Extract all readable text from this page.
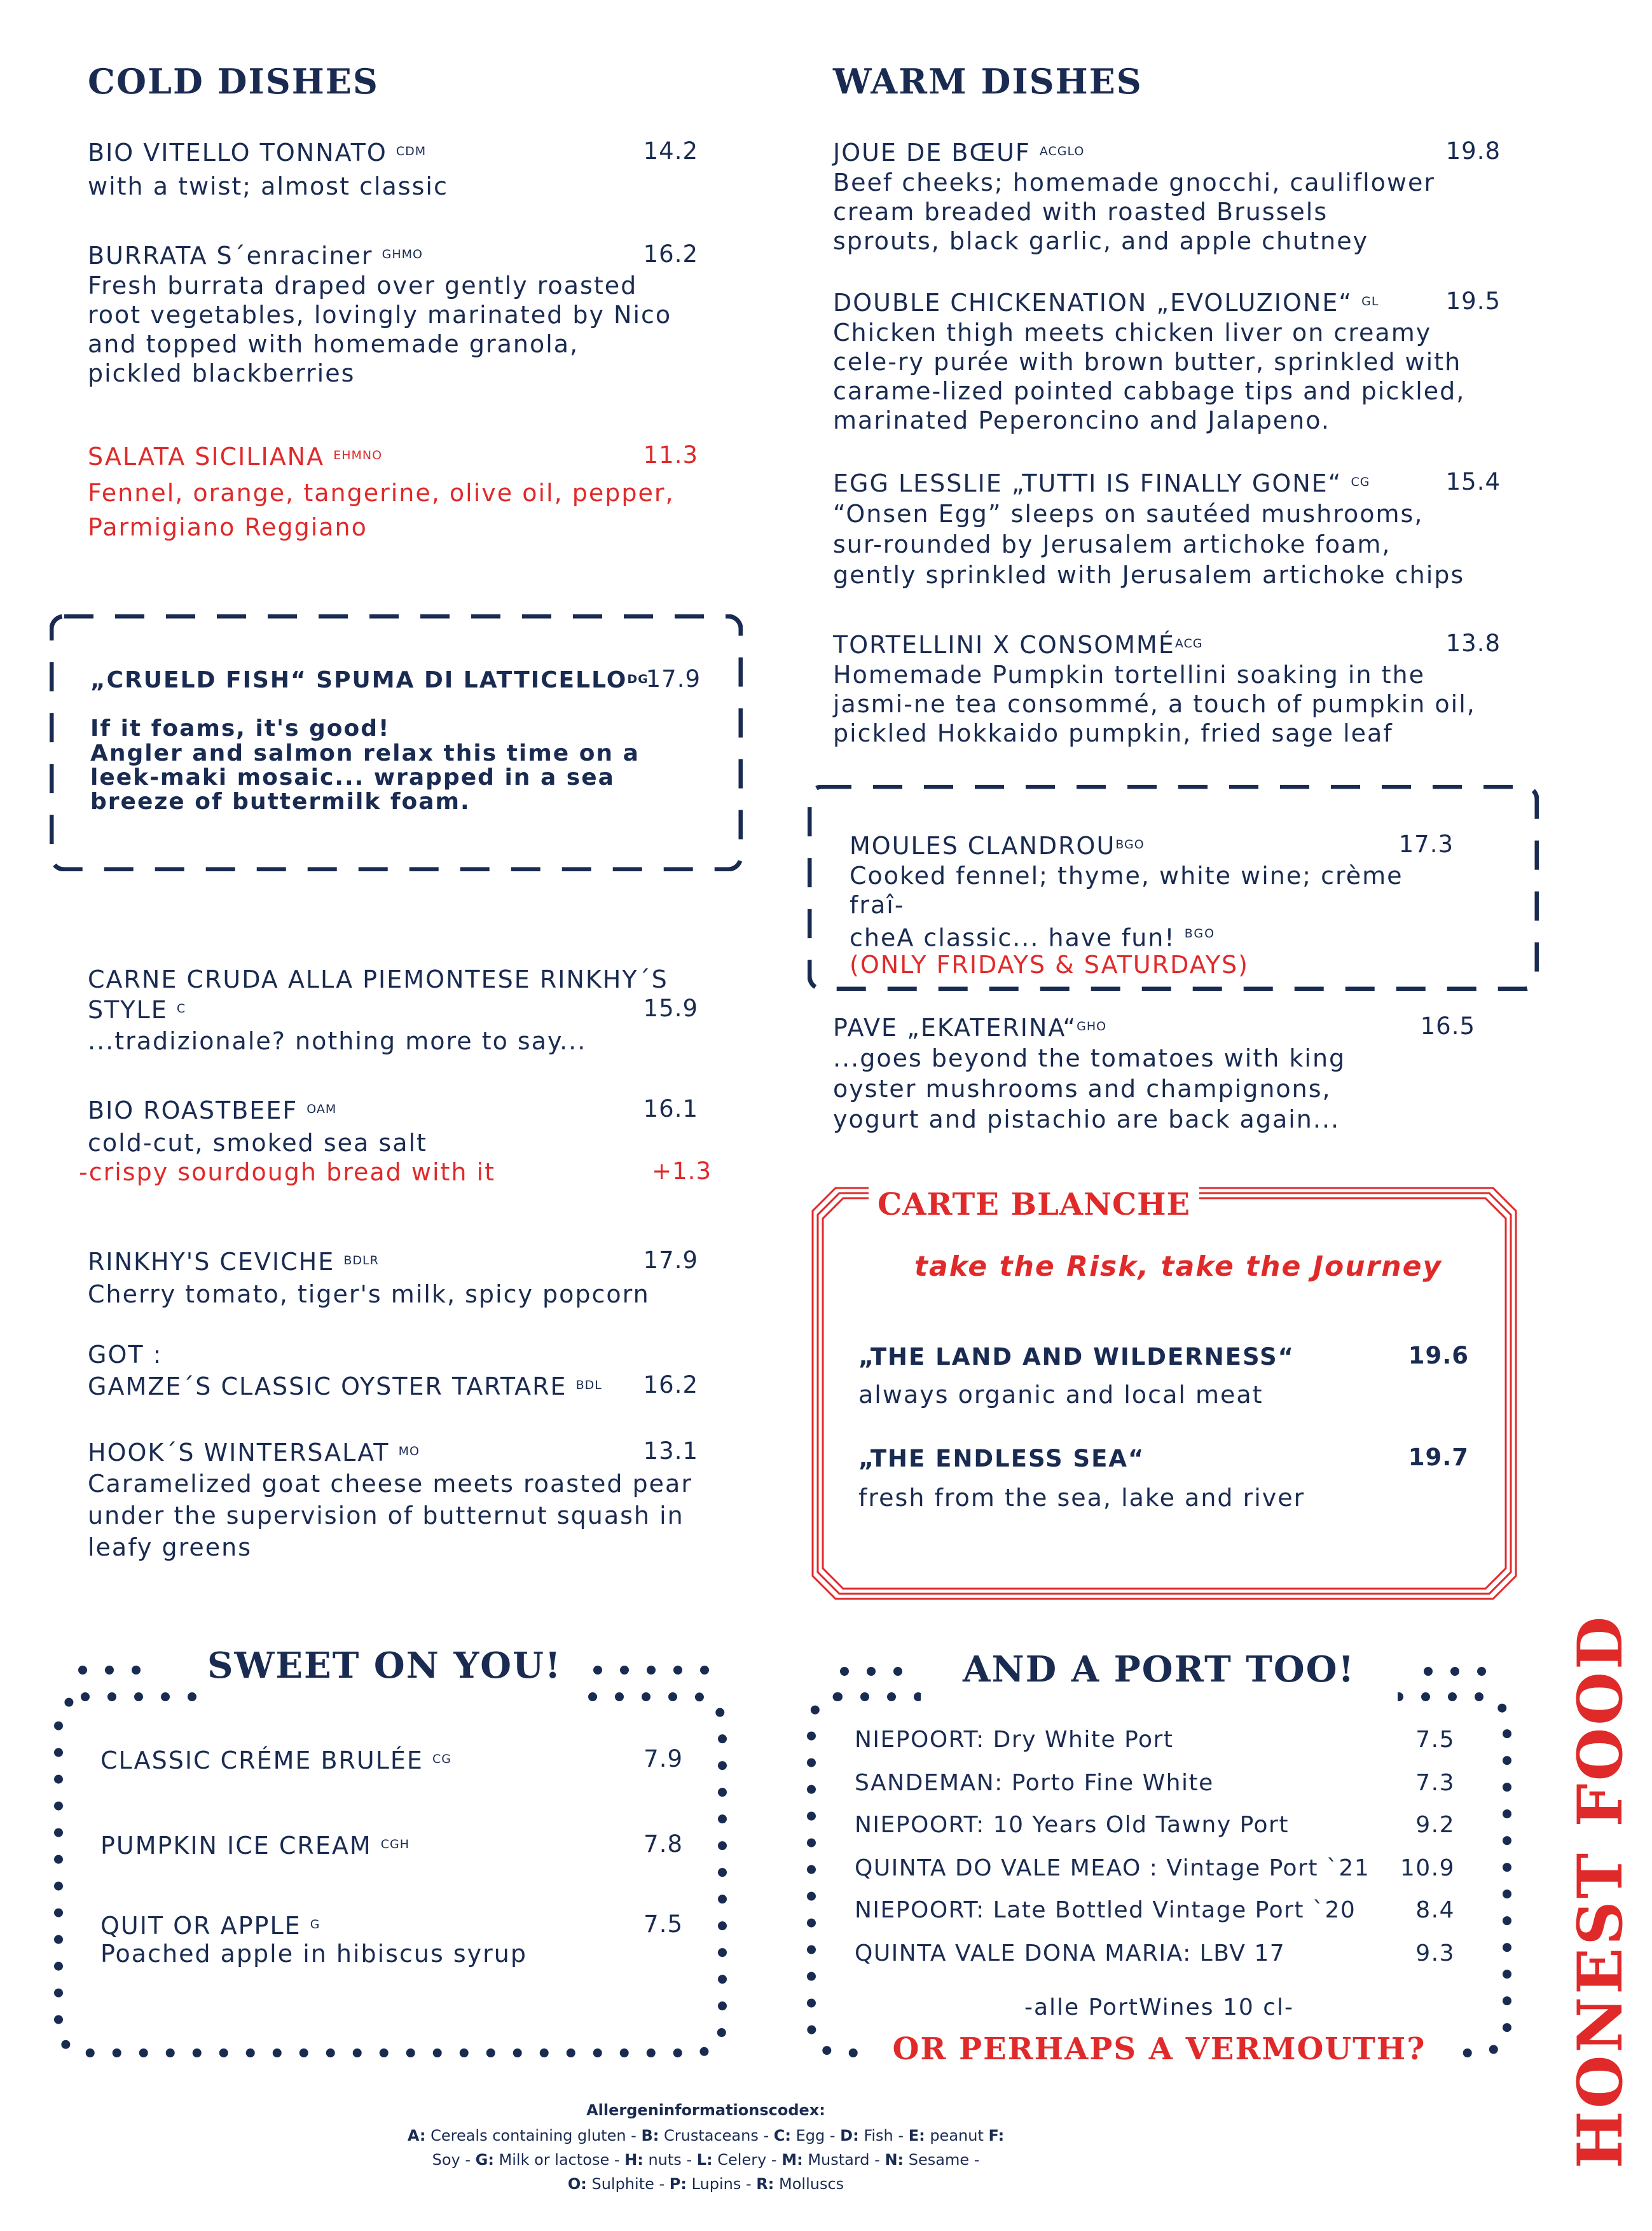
COLD DISHES
BIO VITELLO TONNATO $^{CDM}$	14.2
with a twist; almost classic
BURRATA S´enraciner $^{GHMO}$	16.2
Fresh burrata draped over gently roasted root vegetables, lovingly marinated by Nico and topped with homemade granola, pickled blackberries
SALATA SICILIANA $^{EHMNO}$	11.3
Fennel, orange, tangerine, olive oil, pepper, Parmigiano Reggiano
„CRUELD FISH“ SPUMA DI $LATTICELLO^{DG}$
17.9
If it foams, it's good!
Angler and salmon relax this time on a leek-maki mosaic... wrapped in a sea breeze of buttermilk foam.
CARNE CRUDA ALLA PIEMONTESE RINKHY´S
STYLE $^C$	15.9
...tradizionale? nothing more to say...
BIO ROASTBEEF $^{OAM}$	16.1
cold-cut, smoked sea salt
-crispy sourdough bread with it	+1.3
RINKHY'S CEVICHE $^{BDLR}$	17.9
Cherry tomato, tiger's milk, spicy popcorn
GOT :
GAMZE´S CLASSIC OYSTER TARTARE $^{BDL}$	16.2
HOOK´S WINTERSALAT $^{MO}$	13.1
Caramelized goat cheese meets roasted pear under the supervision of butternut squash in leafy greens
WARM DISHES
JOUE DE BŒUF $^{ACGLO}$	19.8
Beef cheeks; homemade gnocchi, cauliflower cream breaded with roasted Brussels sprouts, black garlic, and apple chutney
DOUBLE CHICKENATION „EVOLUZIONE“ $^{GL}$	19.5
Chicken thigh meets chicken liver on creamy cele-ry purée with brown butter, sprinkled with carame-lized pointed cabbage tips and pickled, marinated Peperoncino and Jalapeno.
EGG LESSLIE „TUTTI IS FINALLY GONE“ $^{CG}$	15.4
“Onsen Egg” sleeps on sautéed mushrooms, sur-rounded by Jerusalem artichoke foam, gently sprinkled with Jerusalem artichoke chips
TORTELLINI X $CONSOMMÉ^{ACG}$	13.8
Homemade Pumpkin tortellini soaking in the jasmi-ne tea consommé, a touch of pumpkin oil, pickled Hokkaido pumpkin, fried sage leaf
MOULES $CLANDROU^{BGO}$	17.3
Cooked fennel; thyme, white wine; crème fraî-
cheA classic... have fun! $^{BGO}$
(ONLY FRIDAYS & SATURDAYS)
PAVE „EKATERINA“$^{GHO}$	16.5
...goes beyond the tomatoes with king oyster mushrooms and champignons, yogurt and pistachio are back again...
CARTE BLANCHE
take the Risk, take the Journey
„THE LAND AND WILDERNESS“	19.6
always organic and local meat
„THE ENDLESS SEA“	19.7
fresh from the sea, lake and river
SWEET ON YOU!
CLASSIC CRÉME BRULÉE $^{CG}$	7.9
PUMPKIN ICE CREAM $^{CGH}$	7.8
QUIT OR APPLE $^G$	7.5
Poached apple in hibiscus syrup
AND A PORT TOO!
NIEPOORT: Dry White Port	7.5
SANDEMAN: Porto Fine White	7.3
NIEPOORT: 10 Years Old Tawny Port	9.2
QUINTA DO VALE MEAO : Vintage Port `21 10.9
NIEPOORT: Late Bottled Vintage Port `20	8.4
QUINTA VALE DONA MARIA: LBV 17	9.3
-alle PortWines 10 cl-
OR PERHAPS A VERMOUTH?	HONEST FOOD
Allergeninformationscodex:
A: Cereals containing gluten - B: Crustaceans - C: Egg - D: Fish - E: peanut F:
Soy - G: Milk or lactose - H: nuts - L: Celery - M: Mustard - N: Sesame -
O: Sulphite - P: Lupins - R: Molluscs
